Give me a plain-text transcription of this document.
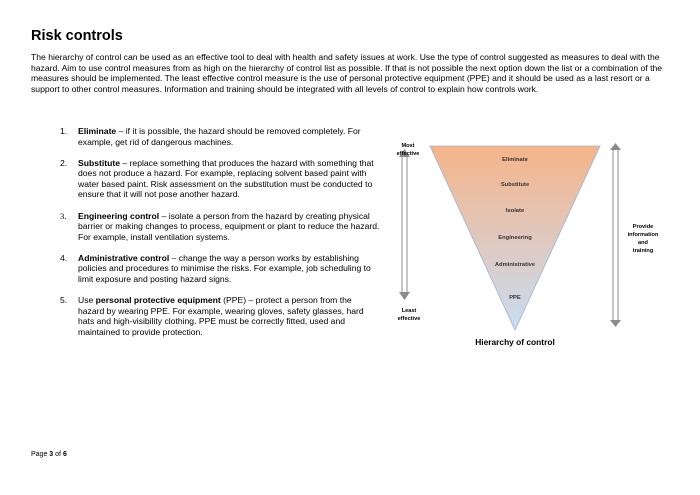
Risk controls

The hierarchy of control can be used as an effective tool to deal with health and safety issues at work. Use the type of control suggested as measures to deal with the hazard. Aim to use control measures from as high on the hierarchy of control list as possible. If that is not possible the next option down the list or a combination of the measures should be implemented. The least effective control measure is the use of personal protective equipment (PPE) and it should be used as a last resort or a support to other control measures. Information and training should be integrated with all levels of control to explain how controls work.

1. Eliminate – if it is possible, the hazard should be removed completely. For example, get rid of dangerous machines.
2. Substitute – replace something that produces the hazard with something that does not produce a hazard. For example, replacing solvent based paint with water based paint. Risk assessment on the substitution must be conducted to ensure that it will not pose another hazard.
3. Engineering control – isolate a person from the hazard by creating physical barrier or making changes to process, equipment or plant to reduce the hazard. For example, install ventilation systems.
4. Administrative control – change the way a person works by establishing policies and procedures to minimise the risks. For example, job scheduling to limit exposure and posting hazard signs.
5. Use personal protective equipment (PPE) – protect a person from the hazard by wearing PPE. For example, wearing gloves, safety glasses, hard hats and high-visibility clothing. PPE must be correctly fitted, used and maintained to provide protection.
Most
effective
Least
effective
Eliminate
Substitute
Isolate
Engineering
Administrative
PPE
Provide
information
and
training
Hierarchy of control
Page 3 of 6
